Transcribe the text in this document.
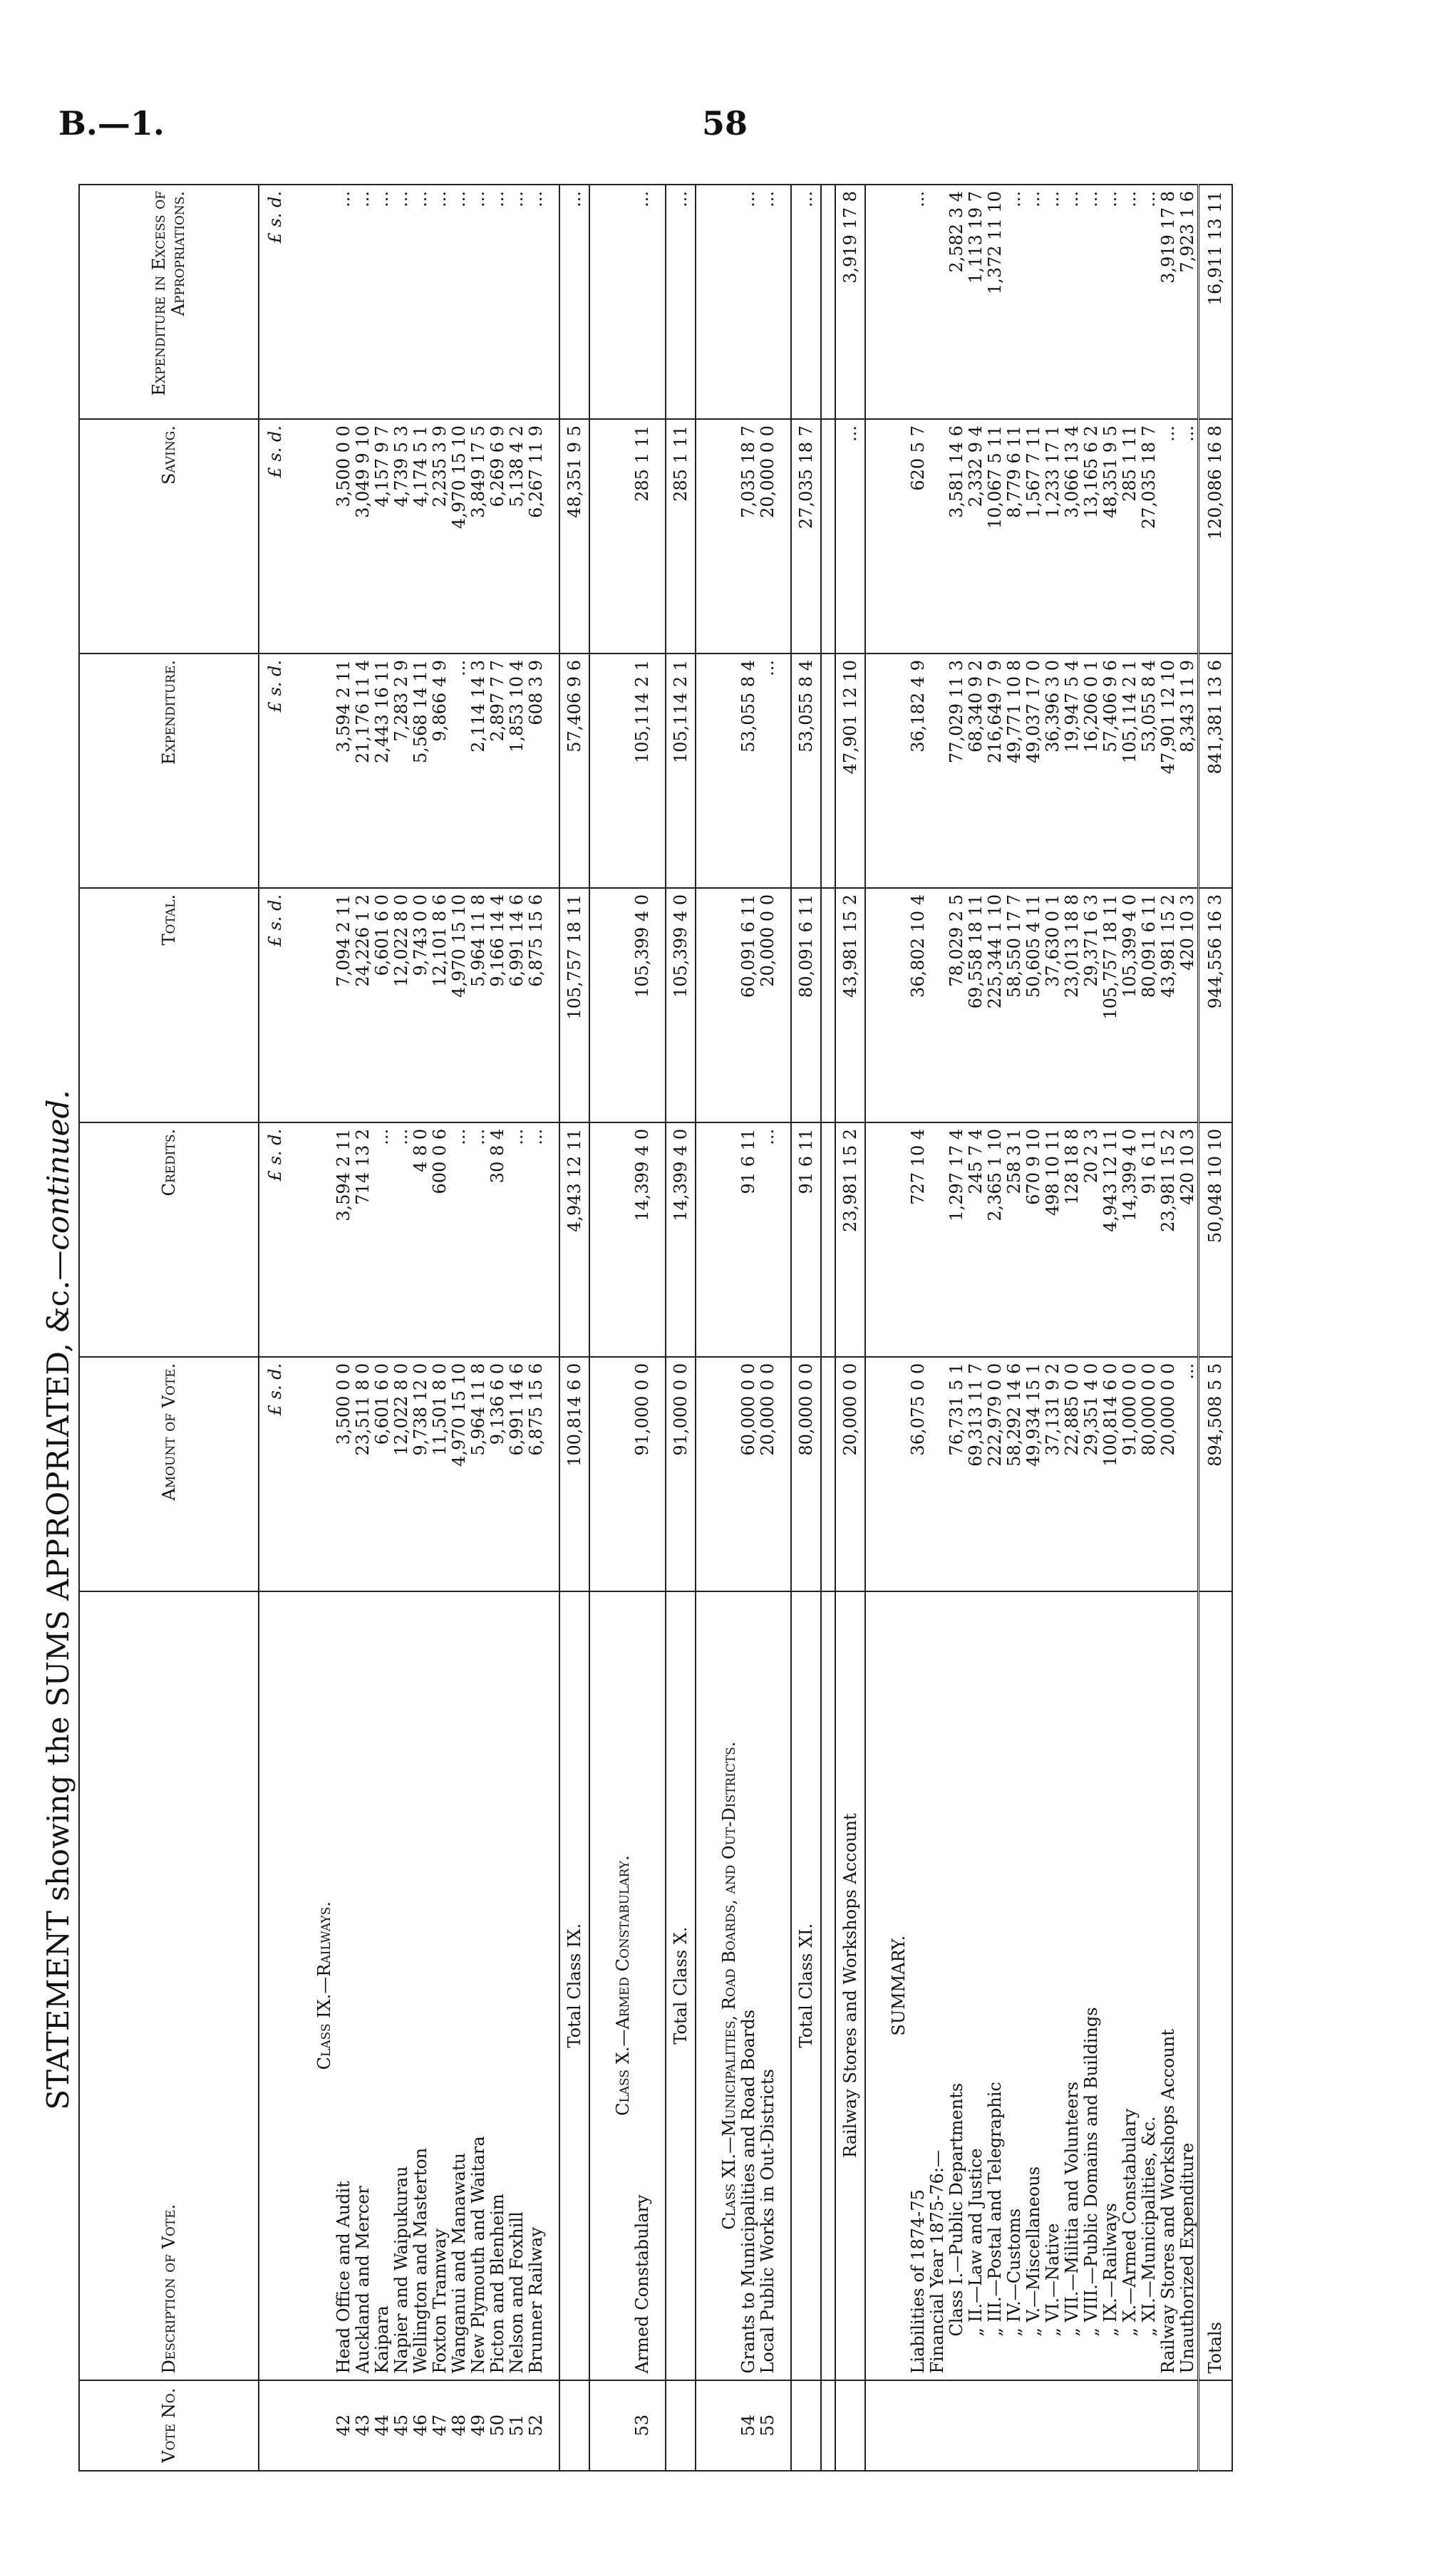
B.—1.	58
STATEMENT showing the SUMS APPROPRIATED, &c.—continued.
Vote No.	Description of Vote.	Amount of Vote.	Credits.	Total.	Expenditure.	Saving.	Expenditure in Excess of Appropriations.
		£ s. d.	£ s. d.	£ s. d.	£ s. d.	£ s. d.	£ s. d.
	Class IX.—Railways.						
42	Head Office and Audit	3,500 0 0	3,594 2 11	7,094 2 11	3,594 2 11	3,500 0 0	...
43	Auckland and Mercer	23,511 8 0	714 13 2	24,226 1 2	21,176 11 4	3,049 9 10	...
44	Kaipara	6,601 6 0	...	6,601 6 0	2,443 16 11	4,157 9 7	...
45	Napier and Waipukurau	12,022 8 0	...	12,022 8 0	7,283 2 9	4,739 5 3	...
46	Wellington and Masterton	9,738 12 0	4 8 0	9,743 0 0	5,568 14 11	4,174 5 1	...
47	Foxton Tramway	11,501 8 0	600 0 6	12,101 8 6	9,866 4 9	2,235 3 9	...
48	Wanganui and Manawatu	4,970 15 10	...	4,970 15 10	...	4,970 15 10	...
49	New Plymouth and Waitara	5,964 11 8	...	5,964 11 8	2,114 14 3	3,849 17 5	...
50	Picton and Blenheim	9,136 6 0	30 8 4	9,166 14 4	2,897 7 7	6,269 6 9	...
51	Nelson and Foxhill	6,991 14 6	...	6,991 14 6	1,853 10 4	5,138 4 2	...
52	Brunner Railway	6,875 15 6	...	6,875 15 6	608 3 9	6,267 11 9	...

	Total Class IX.	100,814 6 0	4,943 12 11	105,757 18 11	57,406 9 6	48,351 9 5	...
	Class X.—Armed Constabulary.						
53	Armed Constabulary	91,000 0 0	14,399 4 0	105,399 4 0	105,114 2 1	285 1 11	...

	Total Class X.	91,000 0 0	14,399 4 0	105,399 4 0	105,114 2 1	285 1 11	...
	Class XI.—Municipalities, Road Boards, and Out-Districts.						
54	Grants to Municipalities and Road Boards	60,000 0 0	91 6 11	60,091 6 11	53,055 8 4	7,035 18 7	...
55	Local Public Works in Out-Districts	20,000 0 0	...	20,000 0 0	...	20,000 0 0	...

	Total Class XI.	80,000 0 0	91 6 11	80,091 6 11	53,055 8 4	27,035 18 7	...

	Railway Stores and Workshops Account	20,000 0 0	23,981 15 2	43,981 15 2	47,901 12 10	...	3,919 17 8
	SUMMARY.						
	Liabilities of 1874-75	36,075 0 0	727 10 4	36,802 10 4	36,182 4 9	620 5 7	...
	Financial Year 1875-76:—						
	Class I.—Public Departments	76,731 5 1	1,297 17 4	78,029 2 5	77,029 11 3	3,581 14 6	2,582 3 4
	„ II.—Law and Justice	69,313 11 7	245 7 4	69,558 18 11	68,340 9 2	2,332 9 4	1,113 19 7
	„ III.—Postal and Telegraphic	222,979 0 0	2,365 1 10	225,344 1 10	216,649 7 9	10,067 5 11	1,372 11 10
	„ IV.—Customs	58,292 14 6	258 3 1	58,550 17 7	49,771 10 8	8,779 6 11	...
	„ V.—Miscellaneous	49,934 15 1	670 9 10	50,605 4 11	49,037 17 0	1,567 7 11	...
	„ VI.—Native	37,131 9 2	498 10 11	37,630 0 1	36,396 3 0	1,233 17 1	...
	„ VII.—Militia and Volunteers	22,885 0 0	128 18 8	23,013 18 8	19,947 5 4	3,066 13 4	...
	„ VIII.—Public Domains and Buildings	29,351 4 0	20 2 3	29,371 6 3	16,206 0 1	13,165 6 2	...
	„ IX.—Railways	100,814 6 0	4,943 12 11	105,757 18 11	57,406 9 6	48,351 9 5	...
	„ X.—Armed Constabulary	91,000 0 0	14,399 4 0	105,399 4 0	105,114 2 1	285 1 11	...
	„ XI.—Municipalities, &c.	80,000 0 0	91 6 11	80,091 6 11	53,055 8 4	27,035 18 7	...
	Railway Stores and Workshops Account	20,000 0 0	23,981 15 2	43,981 15 2	47,901 12 10	...	3,919 17 8
	Unauthorized Expenditure	...	420 10 3	420 10 3	8,343 11 9	...	7,923 1 6
	Totals	894,508 5 5	50,048 10 10	944,556 16 3	841,381 13 6	120,086 16 8	16,911 13 11
